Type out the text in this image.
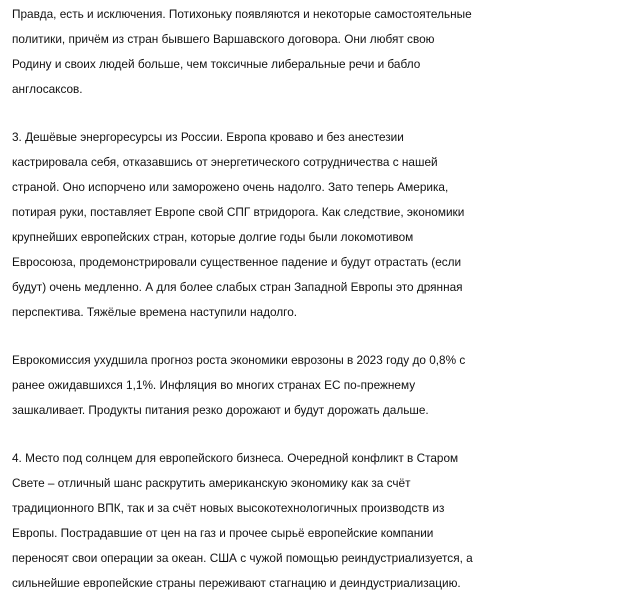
Правда, есть и исключения. Потихоньку появляются и некоторые самостоятельные
политики, причём из стран бывшего Варшавского договора. Они любят свою
Родину и своих людей больше, чем токсичные либеральные речи и бабло
англосаксов.

3. Дешёвые энергоресурсы из России. Европа кроваво и без анестезии
кастрировала себя, отказавшись от энергетического сотрудничества с нашей
страной. Оно испорчено или заморожено очень надолго. Зато теперь Америка,
потирая руки, поставляет Европе свой СПГ втридорога. Как следствие, экономики
крупнейших европейских стран, которые долгие годы были локомотивом
Евросоюза, продемонстрировали существенное падение и будут отрастать (если
будут) очень медленно. А для более слабых стран Западной Европы это дрянная
перспектива. Тяжёлые времена наступили надолго.

Еврокомиссия ухудшила прогноз роста экономики еврозоны в 2023 году до 0,8% с
ранее ожидавшихся 1,1%. Инфляция во многих странах ЕС по-прежнему
зашкаливает. Продукты питания резко дорожают и будут дорожать дальше.

4. Место под солнцем для европейского бизнеса. Очередной конфликт в Старом
Свете – отличный шанс раскрутить американскую экономику как за счёт
традиционного ВПК, так и за счёт новых высокотехнологичных производств из
Европы. Пострадавшие от цен на газ и прочее сырьё европейские компании
переносят свои операции за океан. США с чужой помощью реиндустриализуется, а
сильнейшие европейские страны переживают стагнацию и деиндустриализацию.
